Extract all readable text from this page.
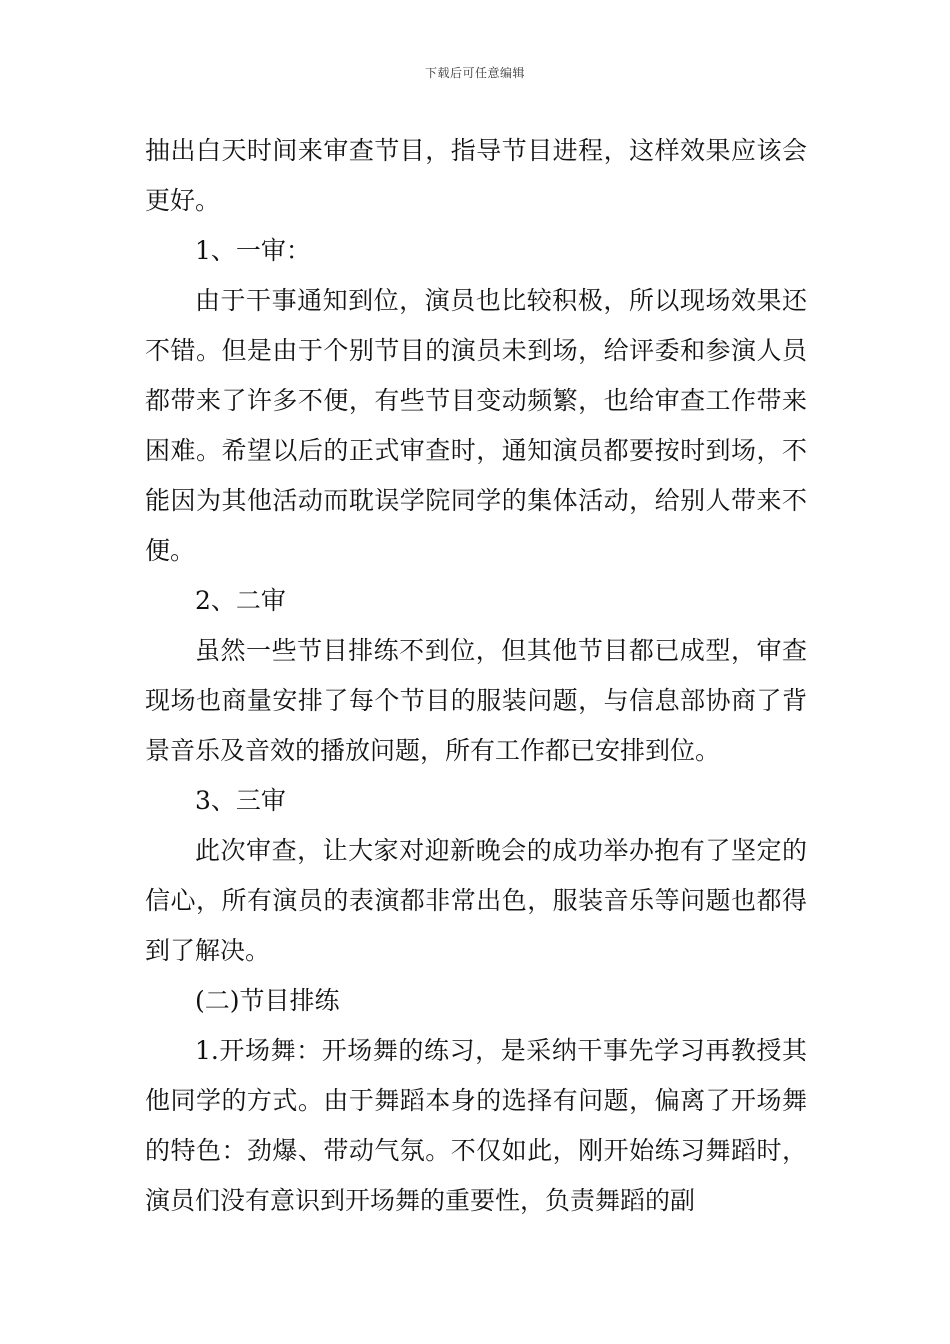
下载后可任意编辑

抽出白天时间来审查节目，指导节目进程，这样效果应该会更好。

1、一审：

由于干事通知到位，演员也比较积极，所以现场效果还不错。但是由于个别节目的演员未到场，给评委和参演人员都带来了许多不便，有些节目变动频繁，也给审查工作带来困难。希望以后的正式审查时，通知演员都要按时到场，不能因为其他活动而耽误学院同学的集体活动，给别人带来不便。

2、二审

虽然一些节目排练不到位，但其他节目都已成型，审查现场也商量安排了每个节目的服装问题，与信息部协商了背景音乐及音效的播放问题，所有工作都已安排到位。

3、三审

此次审查，让大家对迎新晚会的成功举办抱有了坚定的信心，所有演员的表演都非常出色，服装音乐等问题也都得到了解决。

(二)节目排练

1.开场舞：开场舞的练习，是采纳干事先学习再教授其他同学的方式。由于舞蹈本身的选择有问题，偏离了开场舞的特色：劲爆、带动气氛。不仅如此，刚开始练习舞蹈时，演员们没有意识到开场舞的重要性，负责舞蹈的副
